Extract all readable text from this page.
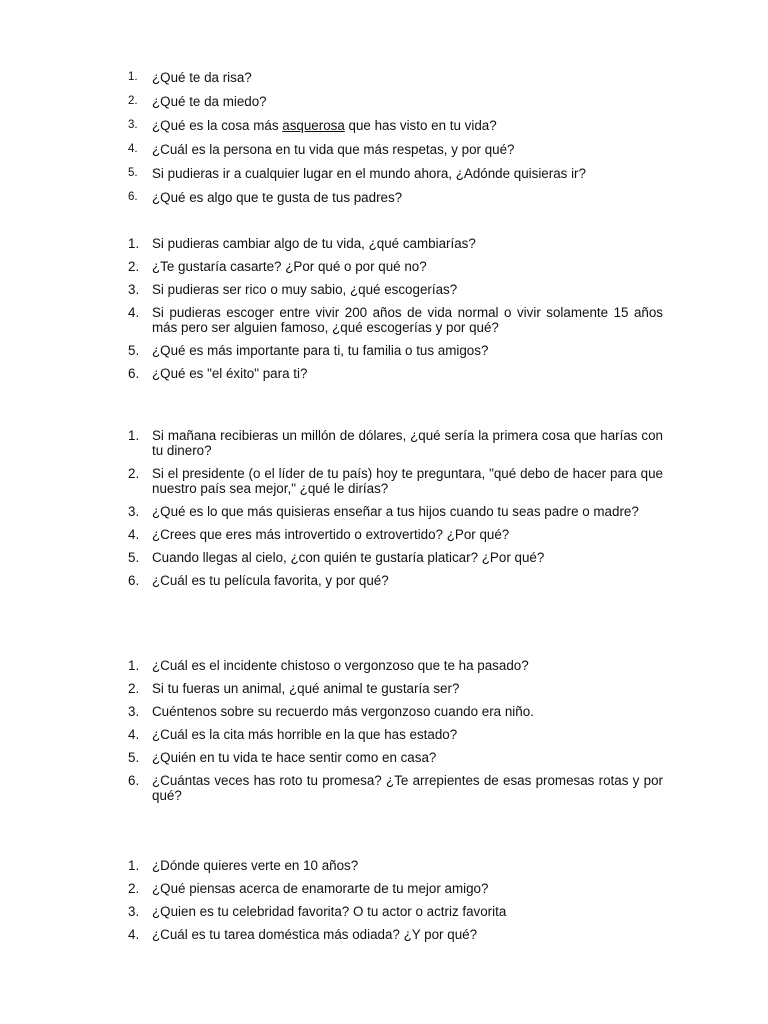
1. ¿Qué te da risa?
2. ¿Qué te da miedo?
3. ¿Qué es la cosa más asquerosa que has visto en tu vida?
4. ¿Cuál es la persona en tu vida que más respetas, y por qué?
5. Si pudieras ir a cualquier lugar en el mundo ahora, ¿Adónde quisieras ir?
6. ¿Qué es algo que te gusta de tus padres?
1. Si pudieras cambiar algo de tu vida, ¿qué cambiarías?
2. ¿Te gustaría casarte? ¿Por qué o por qué no?
3. Si pudieras ser rico o muy sabio, ¿qué escogerías?
4. Si pudieras escoger entre vivir 200 años de vida normal o vivir solamente 15 años más pero ser alguien famoso, ¿qué escogerías y por qué?
5. ¿Qué es más importante para ti, tu familia o tus amigos?
6. ¿Qué es "el éxito" para ti?
1. Si mañana recibieras un millón de dólares, ¿qué sería la primera cosa que harías con tu dinero?
2. Si el presidente (o el líder de tu país) hoy te preguntara, "qué debo de hacer para que nuestro país sea mejor," ¿qué le dirías?
3. ¿Qué es lo que más quisieras enseñar a tus hijos cuando tu seas padre o madre?
4. ¿Crees que eres más introvertido o extrovertido? ¿Por qué?
5. Cuando llegas al cielo, ¿con quién te gustaría platicar? ¿Por qué?
6. ¿Cuál es tu película favorita, y por qué?
1. ¿Cuál es el incidente chistoso o vergonzoso que te ha pasado?
2. Si tu fueras un animal, ¿qué animal te gustaría ser?
3. Cuéntenos sobre su recuerdo más vergonzoso cuando era niño.
4. ¿Cuál es la cita más horrible en la que has estado?
5. ¿Quién en tu vida te hace sentir como en casa?
6. ¿Cuántas veces has roto tu promesa? ¿Te arrepientes de esas promesas rotas y por qué?
1. ¿Dónde quieres verte en 10 años?
2. ¿Qué piensas acerca de enamorarte de tu mejor amigo?
3. ¿Quien es tu celebridad favorita? O tu actor o actriz favorita
4. ¿Cuál es tu tarea doméstica más odiada? ¿Y por qué?
